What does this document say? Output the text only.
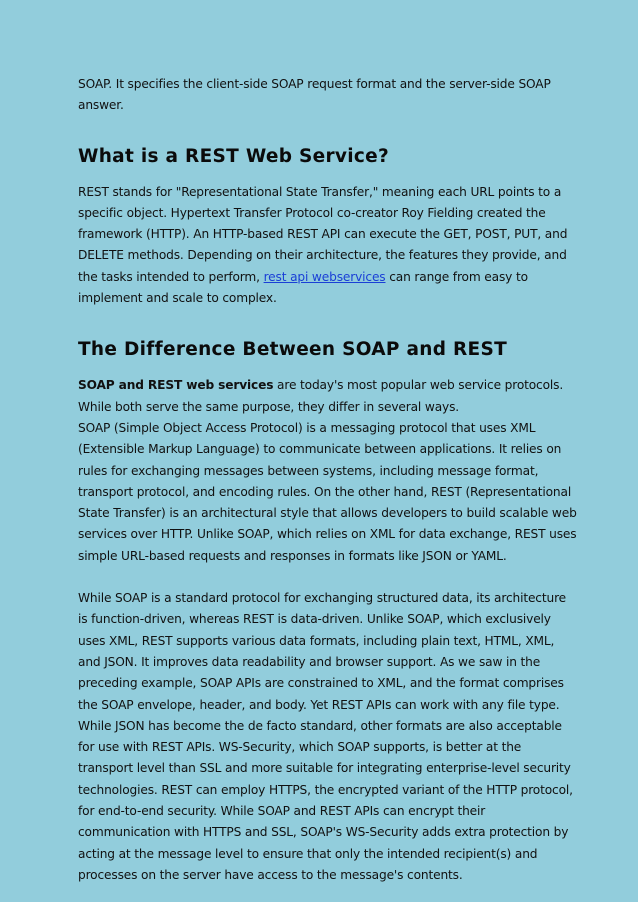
SOAP. It specifies the client-side SOAP request format and the server-side SOAP answer.

What is a REST Web Service?

REST stands for "Representational State Transfer," meaning each URL points to a specific object. Hypertext Transfer Protocol co-creator Roy Fielding created the framework (HTTP). An HTTP-based REST API can execute the GET, POST, PUT, and DELETE methods. Depending on their architecture, the features they provide, and the tasks intended to perform, rest api webservices can range from easy to implement and scale to complex.

The Difference Between SOAP and REST

SOAP and REST web services are today's most popular web service protocols. While both serve the same purpose, they differ in several ways.

SOAP (Simple Object Access Protocol) is a messaging protocol that uses XML (Extensible Markup Language) to communicate between applications. It relies on rules for exchanging messages between systems, including message format, transport protocol, and encoding rules. On the other hand, REST (Representational State Transfer) is an architectural style that allows developers to build scalable web services over HTTP. Unlike SOAP, which relies on XML for data exchange, REST uses simple URL-based requests and responses in formats like JSON or YAML.

While SOAP is a standard protocol for exchanging structured data, its architecture is function-driven, whereas REST is data-driven. Unlike SOAP, which exclusively uses XML, REST supports various data formats, including plain text, HTML, XML, and JSON. It improves data readability and browser support. As we saw in the preceding example, SOAP APIs are constrained to XML, and the format comprises the SOAP envelope, header, and body. Yet REST APIs can work with any file type. While JSON has become the de facto standard, other formats are also acceptable for use with REST APIs. WS-Security, which SOAP supports, is better at the transport level than SSL and more suitable for integrating enterprise-level security technologies. REST can employ HTTPS, the encrypted variant of the HTTP protocol, for end-to-end security. While SOAP and REST APIs can encrypt their communication with HTTPS and SSL, SOAP's WS-Security adds extra protection by acting at the message level to ensure that only the intended recipient(s) and processes on the server have access to the message's contents.
